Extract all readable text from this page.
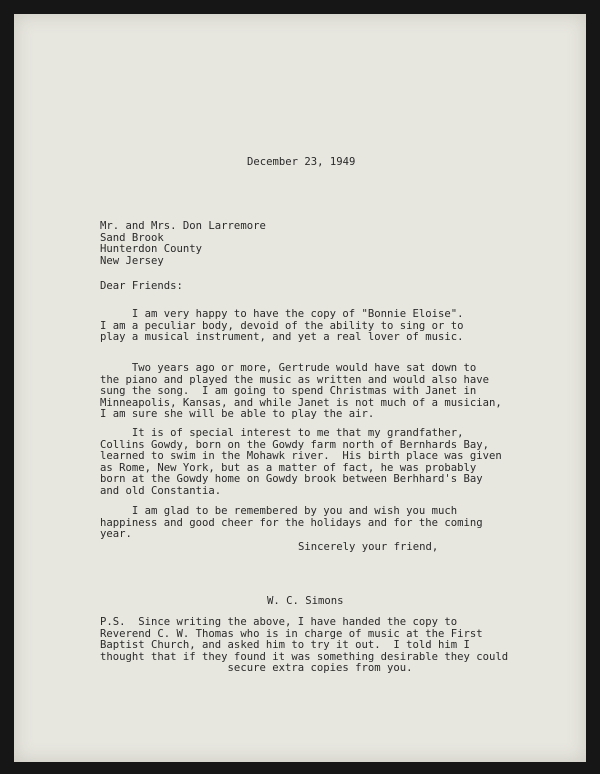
December 23, 1949
Mr. and Mrs. Don Larremore
Sand Brook
Hunterdon County
New Jersey
Dear Friends:
I am very happy to have the copy of "Bonnie Eloise".
I am a peculiar body, devoid of the ability to sing or to
play a musical instrument, and yet a real lover of music.
Two years ago or more, Gertrude would have sat down to
the piano and played the music as written and would also have
sung the song.  I am going to spend Christmas with Janet in
Minneapolis, Kansas, and while Janet is not much of a musician,
I am sure she will be able to play the air.
It is of special interest to me that my grandfather,
Collins Gowdy, born on the Gowdy farm north of Bernhards Bay,
learned to swim in the Mohawk river.  His birth place was given
as Rome, New York, but as a matter of fact, he was probably
born at the Gowdy home on Gowdy brook between Berhhard's Bay
and old Constantia.
I am glad to be remembered by you and wish you much
happiness and good cheer for the holidays and for the coming
year.
Sincerely your friend,
W. C. Simons
P.S.  Since writing the above, I have handed the copy to
Reverend C. W. Thomas who is in charge of music at the First
Baptist Church, and asked him to try it out.  I told him I
thought that if they found it was something desirable they could
secure extra copies from you.
